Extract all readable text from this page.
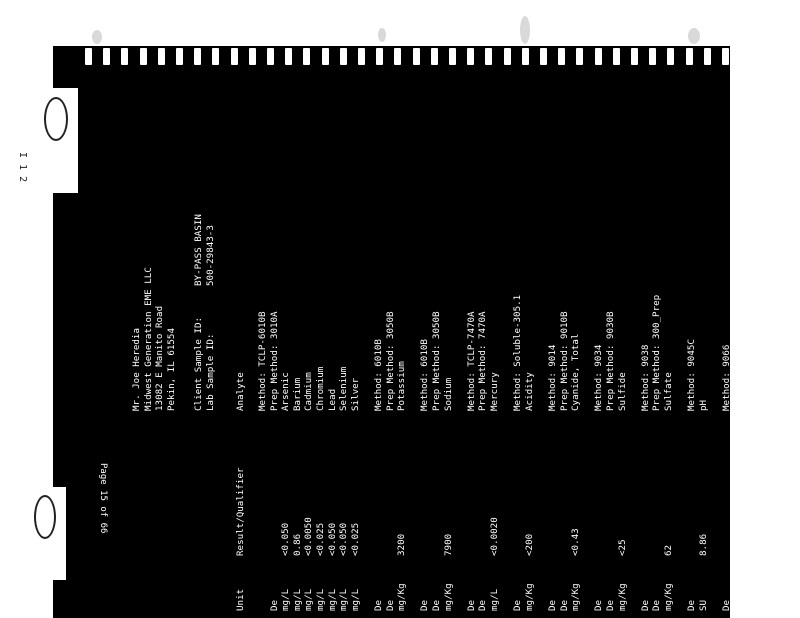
I 1 2
Mr. Joe Heredia Midwest Generation EME LLC 13082 E Manito Road Pekin, IL 61554 Client Sample ID:
BY-PASS BASIN
Lab Sample ID:
500-29843-3
Analyte
Result/Qualifier
Unit
Method: TCLP-6010B Prep Method: 3010A
De
Arsenic
<0.050
mg/L
Barium
0.86
mg/L
Cadmium
<0.0050
mg/L
Chromium
<0.025
mg/L
Lead
<0.050
mg/L
Selenium
<0.050
mg/L
Silver
<0.025
mg/L
Method: 6010B
De
Prep Method: 3050B
De
Potassium
3200
mg/Kg
Method: 6010B
De
Prep Method: 3050B
De
Sodium
7900
mg/Kg
Method: TCLP-7470A
De
Prep Method: 7470A
De
Mercury
<0.0020
mg/L
Method: Soluble-305.1
De
Acidity
<200
mg/Kg
Method: 9014
De
Prep Method: 9010B
De
Cyanide, Total
<0.43
mg/Kg
Method: 9034
De
Prep Method: 9030B
De
Sulfide
<25
mg/Kg
Method: 9038
De
Prep Method: 300_Prep
De
Sulfate
62
mg/Kg
Method: 9045C
De
pH
8.86
SU
Method: 9066
De
Prep Method: Distill/Phenol
De
Phenolics, Total Recoverable
7.8
mg/Kg
Method: 9071B
De
Page 15 of 66
